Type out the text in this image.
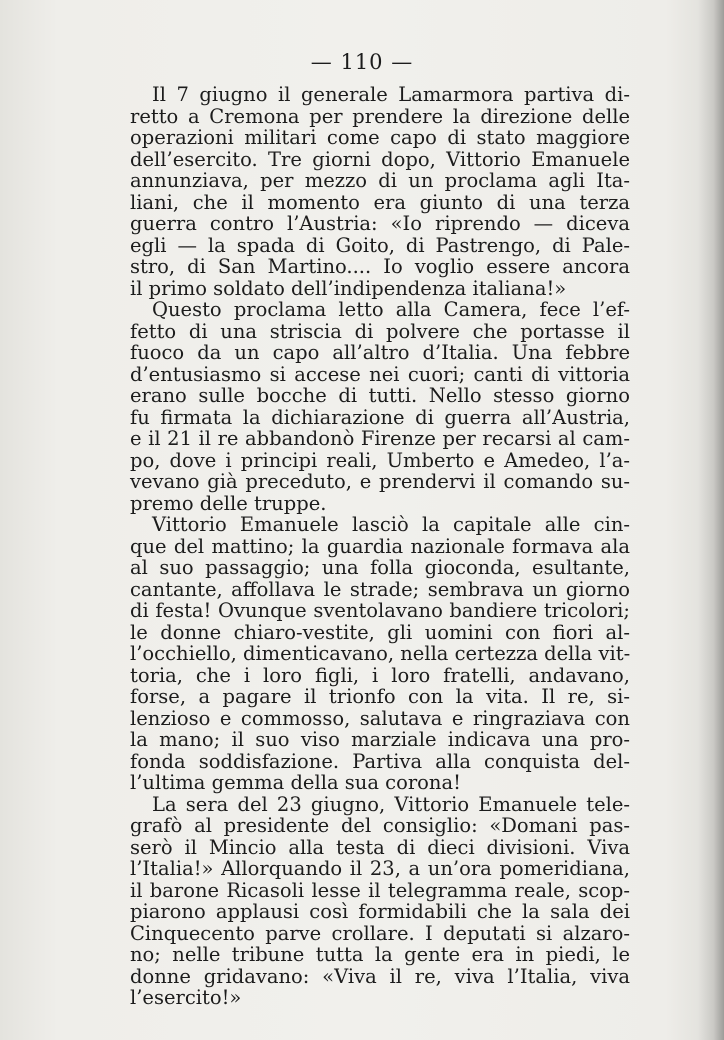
— 110 —
Il 7 giugno il generale Lamarmora partiva di-
retto a Cremona per prendere la direzione delle
operazioni militari come capo di stato maggiore
dell’esercito. Tre giorni dopo, Vittorio Emanuele
annunziava, per mezzo di un proclama agli Ita-
liani, che il momento era giunto di una terza
guerra contro l’Austria: «Io riprendo — diceva
egli — la spada di Goito, di Pastrengo, di Pale-
stro, di San Martino.... Io voglio essere ancora
il primo soldato dell’indipendenza italiana!»
Questo proclama letto alla Camera, fece l’ef-
fetto di una striscia di polvere che portasse il
fuoco da un capo all’altro d’Italia. Una febbre
d’entusiasmo si accese nei cuori; canti di vittoria
erano sulle bocche di tutti. Nello stesso giorno
fu firmata la dichiarazione di guerra all’Austria,
e il 21 il re abbandonò Firenze per recarsi al cam-
po, dove i principi reali, Umberto e Amedeo, l’a-
vevano già preceduto, e prendervi il comando su-
premo delle truppe.
Vittorio Emanuele lasciò la capitale alle cin-
que del mattino; la guardia nazionale formava ala
al suo passaggio; una folla gioconda, esultante,
cantante, affollava le strade; sembrava un giorno
di festa! Ovunque sventolavano bandiere tricolori;
le donne chiaro-vestite, gli uomini con fiori al-
l’occhiello, dimenticavano, nella certezza della vit-
toria, che i loro figli, i loro fratelli, andavano,
forse, a pagare il trionfo con la vita. Il re, si-
lenzioso e commosso, salutava e ringraziava con
la mano; il suo viso marziale indicava una pro-
fonda soddisfazione. Partiva alla conquista del-
l’ultima gemma della sua corona!
La sera del 23 giugno, Vittorio Emanuele tele-
grafò al presidente del consiglio: «Domani pas-
serò il Mincio alla testa di dieci divisioni. Viva
l’Italia!» Allorquando il 23, a un’ora pomeridiana,
il barone Ricasoli lesse il telegramma reale, scop-
piarono applausi così formidabili che la sala dei
Cinquecento parve crollare. I deputati si alzaro-
no; nelle tribune tutta la gente era in piedi, le
donne gridavano: «Viva il re, viva l’Italia, viva
l’esercito!»
